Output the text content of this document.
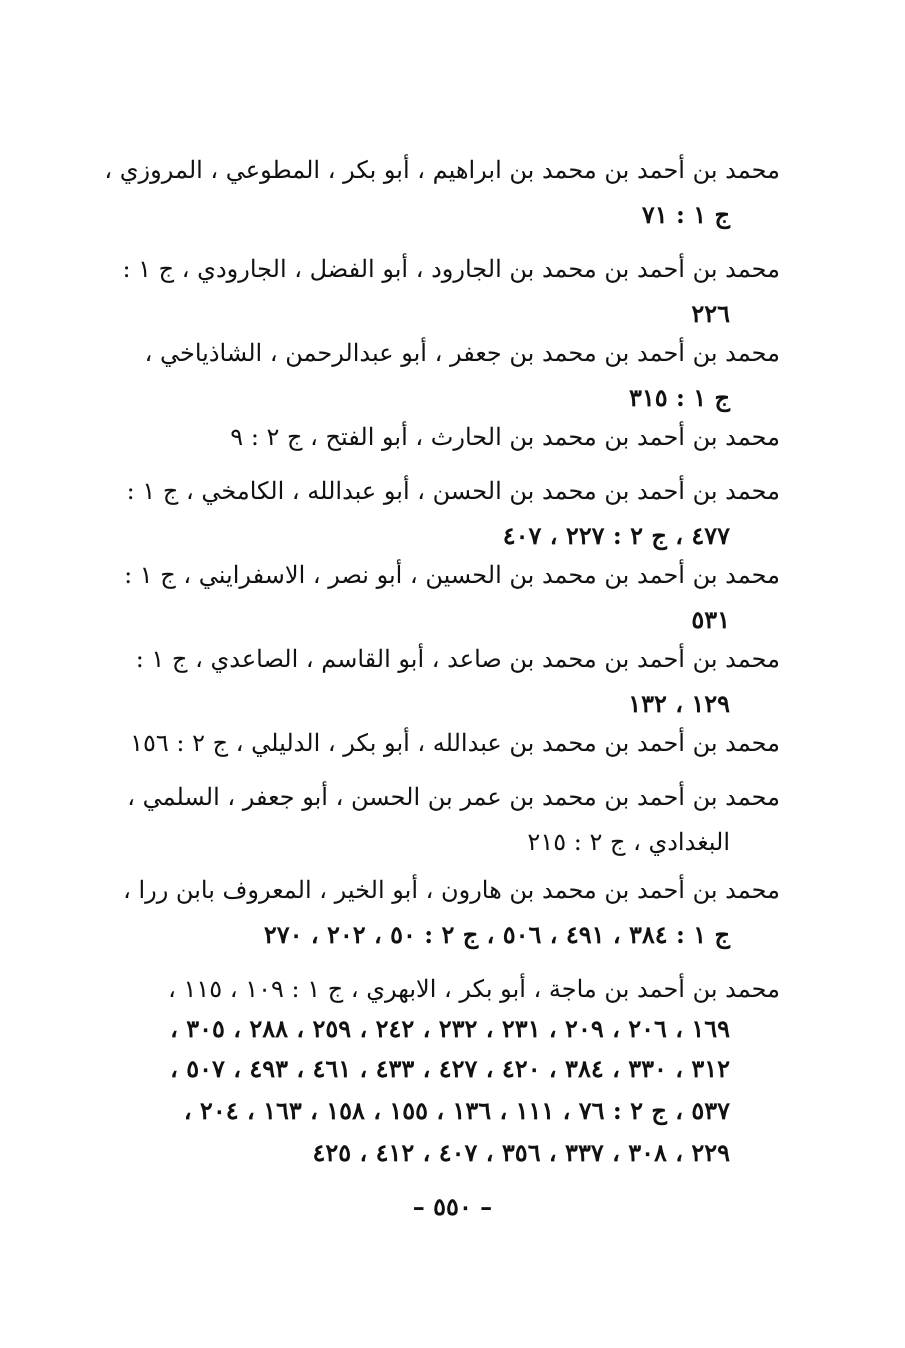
محمد بن أحمد بن محمد بن ابراهيم ، أبو بكر ، المطوعي ، المروزي ،
ج ١ : ٧١
محمد بن أحمد بن محمد بن الجارود ، أبو الفضل ، الجارودي ، ج ١ :
٢٢٦
محمد بن أحمد بن محمد بن جعفر ، أبو عبدالرحمن ، الشاذياخي ،
ج ١ : ٣١٥
محمد بن أحمد بن محمد بن الحارث ، أبو الفتح ، ج ٢ : ٩
محمد بن أحمد بن محمد بن الحسن ، أبو عبدالله ، الكامخي ، ج ١ :
٤٧٧ ، ج ٢ : ٢٢٧ ، ٤٠٧
محمد بن أحمد بن محمد بن الحسين ، أبو نصر ، الاسفرايني ، ج ١ :
٥٣١
محمد بن أحمد بن محمد بن صاعد ، أبو القاسم ، الصاعدي ، ج ١ :
١٢٩ ، ١٣٢
محمد بن أحمد بن محمد بن عبدالله ، أبو بكر ، الدليلي ، ج ٢ : ١٥٦
محمد بن أحمد بن محمد بن عمر بن الحسن ، أبو جعفر ، السلمي ،
البغدادي ، ج ٢ : ٢١٥
محمد بن أحمد بن محمد بن هارون ، أبو الخير ، المعروف بابن ررا ،
ج ١ : ٣٨٤ ، ٤٩١ ، ٥٠٦ ، ج ٢ : ٥٠ ، ٢٠٢ ، ٢٧٠
محمد بن أحمد بن ماجة ، أبو بكر ، الابهري ، ج ١ : ١٠٩ ، ١١٥ ،
١٦٩ ، ٢٠٦ ، ٢٠٩ ، ٢٣١ ، ٢٣٢ ، ٢٤٢ ، ٢٥٩ ، ٢٨٨ ، ٣٠٥ ،
٣١٢ ، ٣٣٠ ، ٣٨٤ ، ٤٢٠ ، ٤٢٧ ، ٤٣٣ ، ٤٦١ ، ٤٩٣ ، ٥٠٧ ،
٥٣٧ ، ج ٢ : ٧٦ ، ١١١ ، ١٣٦ ، ١٥٥ ، ١٥٨ ، ١٦٣ ، ٢٠٤ ،
٢٢٩ ، ٣٠٨ ، ٣٣٧ ، ٣٥٦ ، ٤٠٧ ، ٤١٢ ، ٤٢٥
– ٥٥٠ –
